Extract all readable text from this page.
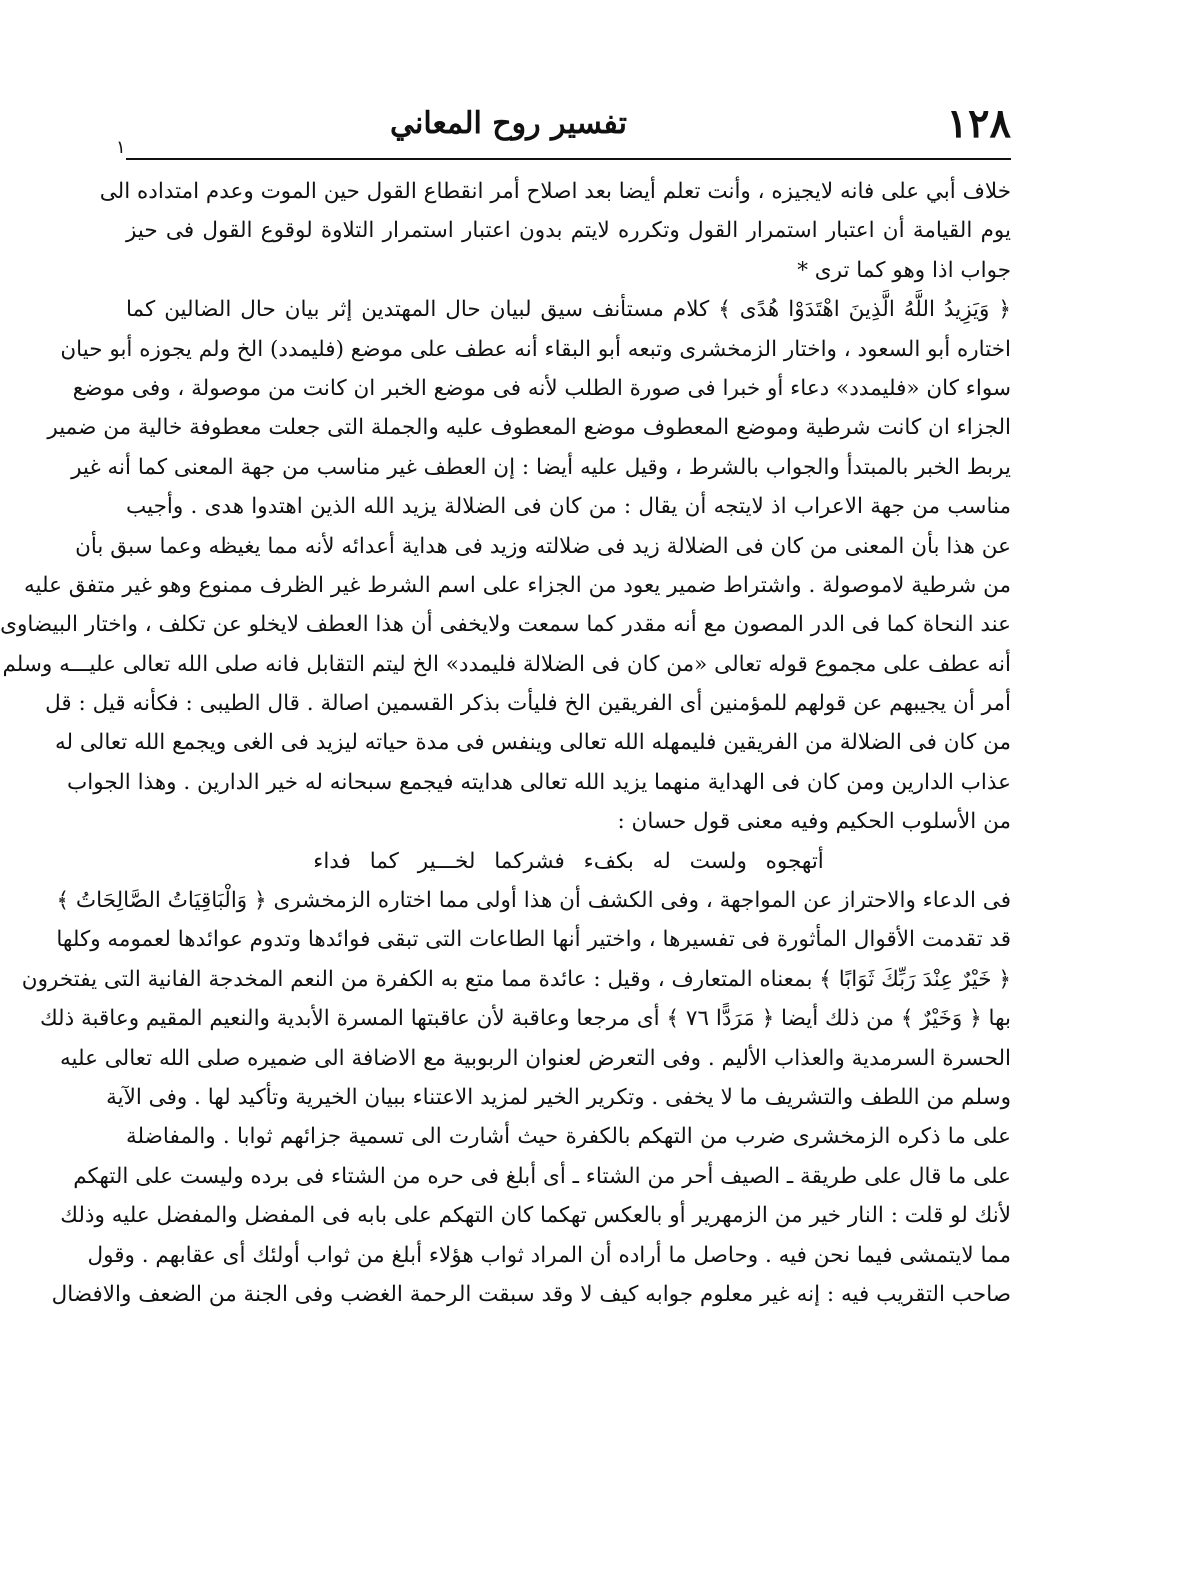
١٢٨
تفسير روح المعاني
١
خلاف أبي على فانه لايجيزه ، وأنت تعلم أيضا بعد اصلاح أمر انقطاع القول حين الموت وعدم امتداده الى
يوم القيامة أن اعتبار استمرار القول وتكرره لايتم بدون اعتبار استمرار التلاوة لوقوع القول فى حيز
جواب اذا وهو كما ترى *
﴿ وَيَزِيدُ اللَّهُ الَّذِينَ اهْتَدَوْا هُدًى ﴾ كلام مستأنف سيق لبيان حال المهتدين إثر بيان حال الضالين كما
اختاره أبو السعود ، واختار الزمخشرى وتبعه أبو البقاء أنه عطف على موضع (فليمدد) الخ ولم يجوزه أبو حيان
سواء كان «فليمدد» دعاء أو خبرا فى صورة الطلب لأنه فى موضع الخبر ان كانت من موصولة ، وفى موضع
الجزاء ان كانت شرطية وموضع المعطوف موضع المعطوف عليه والجملة التى جعلت معطوفة خالية من ضمير
يربط الخبر بالمبتدأ والجواب بالشرط ، وقيل عليه أيضا : إن العطف غير مناسب من جهة المعنى كما أنه غير
مناسب من جهة الاعراب اذ لايتجه أن يقال : من كان فى الضلالة يزيد الله الذين اهتدوا هدى . وأجيب
عن هذا بأن المعنى من كان فى الضلالة زيد فى ضلالته وزيد فى هداية أعدائه لأنه مما يغيظه وعما سبق بأن
من شرطية لاموصولة . واشتراط ضمير يعود من الجزاء على اسم الشرط غير الظرف ممنوع وهو غير متفق عليه
عند النحاة كما فى الدر المصون مع أنه مقدر كما سمعت ولايخفى أن هذا العطف لايخلو عن تكلف ، واختار البيضاوى
أنه عطف على مجموع قوله تعالى «من كان فى الضلالة فليمدد» الخ ليتم التقابل فانه صلى الله تعالى عليـــه وسلم
أمر أن يجيبهم عن قولهم للمؤمنين أى الفريقين الخ فليأت بذكر القسمين اصالة . قال الطيبى : فكأنه قيل : قل
من كان فى الضلالة من الفريقين فليمهله الله تعالى وينفس فى مدة حياته ليزيد فى الغى ويجمع الله تعالى له
عذاب الدارين ومن كان فى الهداية منهما يزيد الله تعالى هدايته فيجمع سبحانه له خير الدارين . وهذا الجواب
من الأسلوب الحكيم وفيه معنى قول حسان :
أتهجوه ولست له بكفء فشركما لخـــير كما فداء
فى الدعاء والاحتراز عن المواجهة ، وفى الكشف أن هذا أولى مما اختاره الزمخشرى ﴿ وَالْبَاقِيَاتُ الصَّالِحَاتُ ﴾
قد تقدمت الأقوال المأثورة فى تفسيرها ، واختير أنها الطاعات التى تبقى فوائدها وتدوم عوائدها لعمومه وكلها
﴿ خَيْرٌ عِنْدَ رَبِّكَ ثَوَابًا ﴾ بمعناه المتعارف ، وقيل : عائدة مما متع به الكفرة من النعم المخدجة الفانية التى يفتخرون
بها ﴿ وَخَيْرٌ ﴾ من ذلك أيضا ﴿ مَرَدًّا ٧٦ ﴾ أى مرجعا وعاقبة لأن عاقبتها المسرة الأبدية والنعيم المقيم وعاقبة ذلك
الحسرة السرمدية والعذاب الأليم . وفى التعرض لعنوان الربوبية مع الاضافة الى ضميره صلى الله تعالى عليه
وسلم من اللطف والتشريف ما لا يخفى . وتكرير الخير لمزيد الاعتناء ببيان الخيرية وتأكيد لها . وفى الآية
على ما ذكره الزمخشرى ضرب من التهكم بالكفرة حيث أشارت الى تسمية جزائهم ثوابا . والمفاضلة
على ما قال على طريقة ـ الصيف أحر من الشتاء ـ أى أبلغ فى حره من الشتاء فى برده وليست على التهكم
لأنك لو قلت : النار خير من الزمهرير أو بالعكس تهكما كان التهكم على بابه فى المفضل والمفضل عليه وذلك
مما لايتمشى فيما نحن فيه . وحاصل ما أراده أن المراد ثواب هؤلاء أبلغ من ثواب أولئك أى عقابهم . وقول
صاحب التقريب فيه : إنه غير معلوم جوابه كيف لا وقد سبقت الرحمة الغضب وفى الجنة من الضعف والافضال
